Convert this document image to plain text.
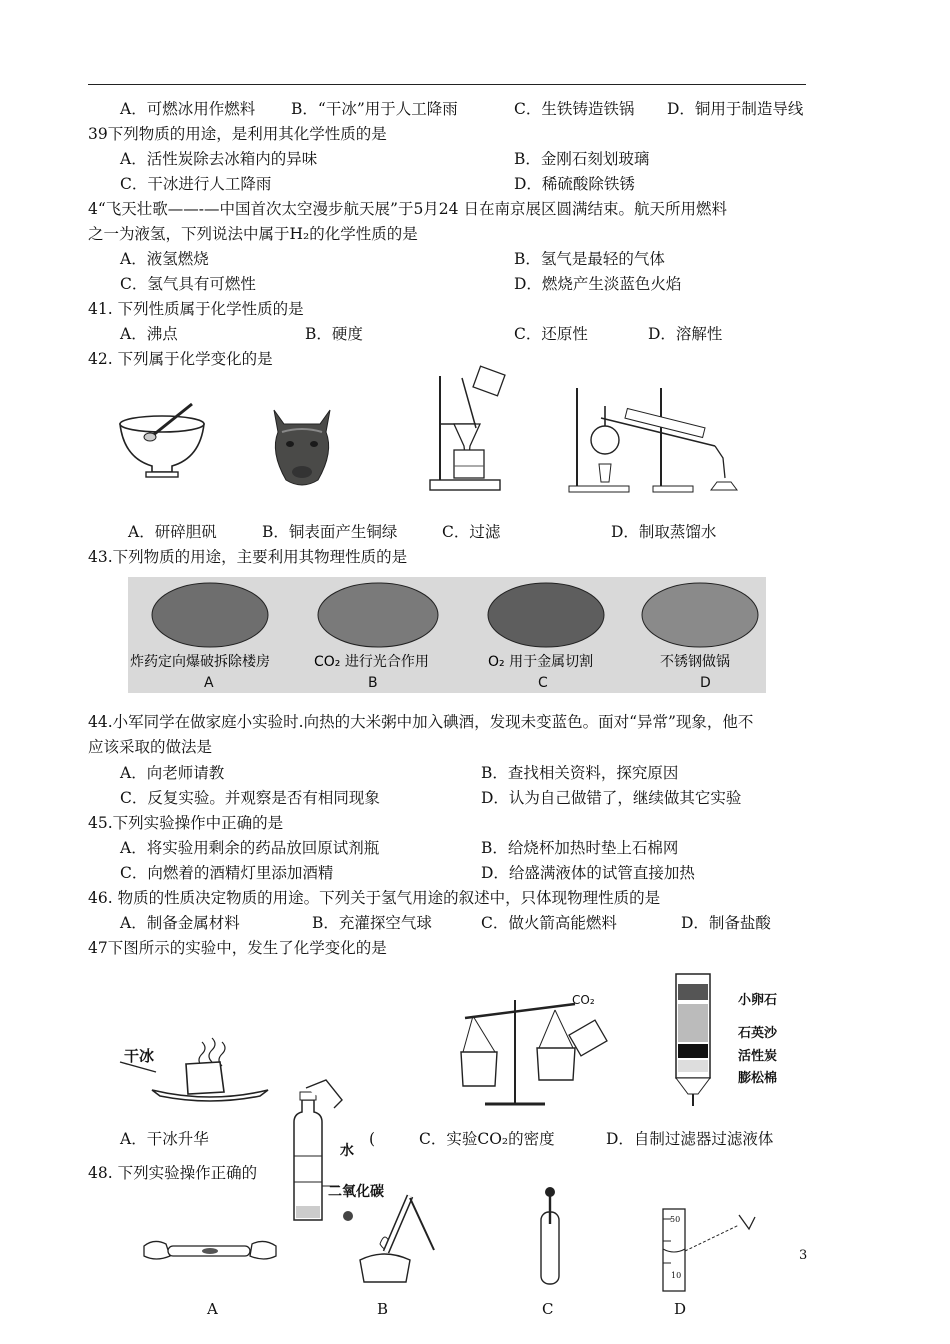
A．可燃冰用作燃料 B．“干冰”用于人工降雨	C．生铁铸造铁锅 D．铜用于制造导线
39下列物质的用途，是利用其化学性质的是
A．活性炭除去冰箱内的异味	B．金刚石刻划玻璃
C．干冰进行人工降雨	D．稀硫酸除铁锈
4“飞天壮歌——-—中国首次太空漫步航天展”于5月24 日在南京展区圆满结束。航天所用燃料
之一为液氢，下列说法中属于H₂的化学性质的是
A．液氢燃烧	B．氢气是最轻的气体
C．氢气具有可燃性	D．燃烧产生淡蓝色火焰
41. 下列性质属于化学性质的是
A．沸点	B．硬度	C．还原性	D．溶解性
42. 下列属于化学变化的是
A．研碎胆矾	B．铜表面产生铜绿	C．过滤	D．制取蒸馏水
43.下列物质的用途，主要利用其物理性质的是
炸药定向爆破拆除楼房	CO₂ 进行光合作用	O₂ 用于金属切割	不锈钢做锅
A	B	C	D
44.小军同学在做家庭小实验时.向热的大米粥中加入碘酒，发现未变蓝色。面对“异常”现象，他不
应该采取的做法是
A．向老师请教	B．查找相关资料，探究原因
C．反复实验。并观察是否有相同现象	D．认为自己做错了，继续做其它实验
45.下列实验操作中正确的是
A．将实验用剩余的药品放回原试剂瓶	B．给烧杯加热时垫上石棉网
C．向燃着的酒精灯里添加酒精	D．给盛满液体的试管直接加热
46. 物质的性质决定物质的用途。下列关于氢气用途的叙述中，只体现物理性质的是
A．制备金属材料	B．充灌探空气球	C．做火箭高能燃料	D．制备盐酸
47下图所示的实验中，发生了化学变化的是
干冰
水
二氧化碳
A．干冰升华	(
CO₂	小卵石
石英沙
活性炭
膨松棉
C．实验CO₂的密度	D．自制过滤器过滤液体
48. 下列实验操作正确的
50
10
A	B	C	D
3
